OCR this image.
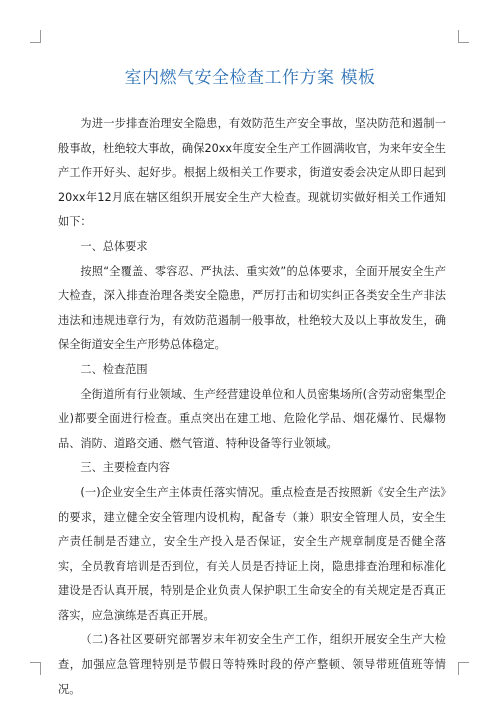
室内燃气安全检查工作方案 模板

为进一步排查治理安全隐患，有效防范生产安全事故，坚决防范和遏制一般事故，杜绝较大事故，确保20xx年度安全生产工作圆满收官，为来年安全生产工作开好头、起好步。根据上级相关工作要求，街道安委会决定从即日起到20xx年12月底在辖区组织开展安全生产大检查。现就切实做好相关工作通知如下：

一、总体要求

按照“全覆盖、零容忍、严执法、重实效”的总体要求，全面开展安全生产大检查，深入排查治理各类安全隐患，严厉打击和切实纠正各类安全生产非法违法和违规违章行为，有效防范遏制一般事故，杜绝较大及以上事故发生，确保全街道安全生产形势总体稳定。

二、检查范围

全街道所有行业领域、生产经营建设单位和人员密集场所(含劳动密集型企业)都要全面进行检查。重点突出在建工地、危险化学品、烟花爆竹、民爆物品、消防、道路交通、燃气管道、特种设备等行业领域。

三、主要检查内容

(一)企业安全生产主体责任落实情况。重点检查是否按照新《安全生产法》的要求，建立健全安全管理内设机构，配备专（兼）职安全管理人员，安全生产责任制是否建立，安全生产投入是否保证，安全生产规章制度是否健全落实，全员教育培训是否到位，有关人员是否持证上岗，隐患排查治理和标准化建设是否认真开展，特别是企业负责人保护职工生命安全的有关规定是否真正落实，应急演练是否真正开展。

（二)各社区要研究部署岁末年初安全生产工作，组织开展安全生产大检查，加强应急管理特别是节假日等特殊时段的停产整顿、领导带班值班等情况。
